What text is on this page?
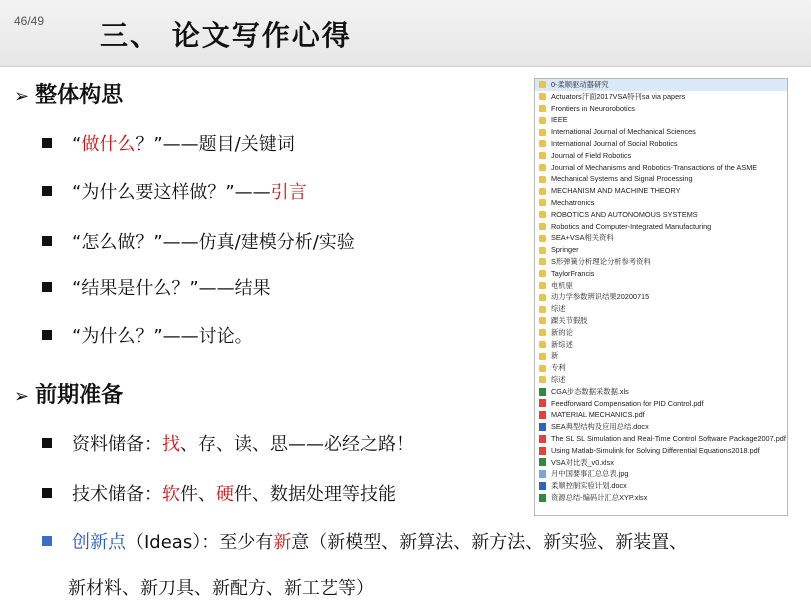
46/49 三、 论文写作心得
➢ 整体构思
“做什么？”——题目/关键词
“为什么要这样做？”——引言
“怎么做？”——仿真/建模分析/实验
“结果是什么？”——结果
“为什么？”——讨论。
➢ 前期准备
资料储备：找、存、读、思——必经之路！
技术储备：软件、硬件、数据处理等技能
创新点（Ideas）：至少有新意（新模型、新算法、新方法、新实验、新装置、
新材料、新刀具、新配方、新工艺等）
0-柔顺驱动器研究
Actuators汗面2017VSA特刊sa via papers
Frontiers in Neurorobotics
IEEE
International Journal of Mechanical Sciences
International Journal of Social Robotics
Journal of Field Robotics
Journal of Mechanisms and Robotics-Transactions of the ASME
Mechanical Systems and Signal Processing
MECHANISM AND MACHINE THEORY
Mechatronics
ROBOTICS AND AUTONOMOUS SYSTEMS
Robotics and Computer-Integrated Manufacturing
SEA+VSA相关资料
Springer
S形弹簧分析理论分析参考资料
TaylorFrancis
电机驱
动力学参数辨识结果20200715
综述
踝关节假肢
新的论
新综述
新
专利
综述
CGA步态数据采数据.xls
Feedforward Compensation for PID Control.pdf
MATERIAL MECHANICS.pdf
SEA典型结构及应用总结.docx
The SL SL Simulation and Real-Time Control Software Package2007.pdf
Using Matlab-Simulink for Solving Differential Equations2018.pdf
VSA对比表_v0.xlsx
月中国要事汇总总表.jpg
柔顺控制实验计划.docx
资源总结-编码计汇总XYP.xlsx
